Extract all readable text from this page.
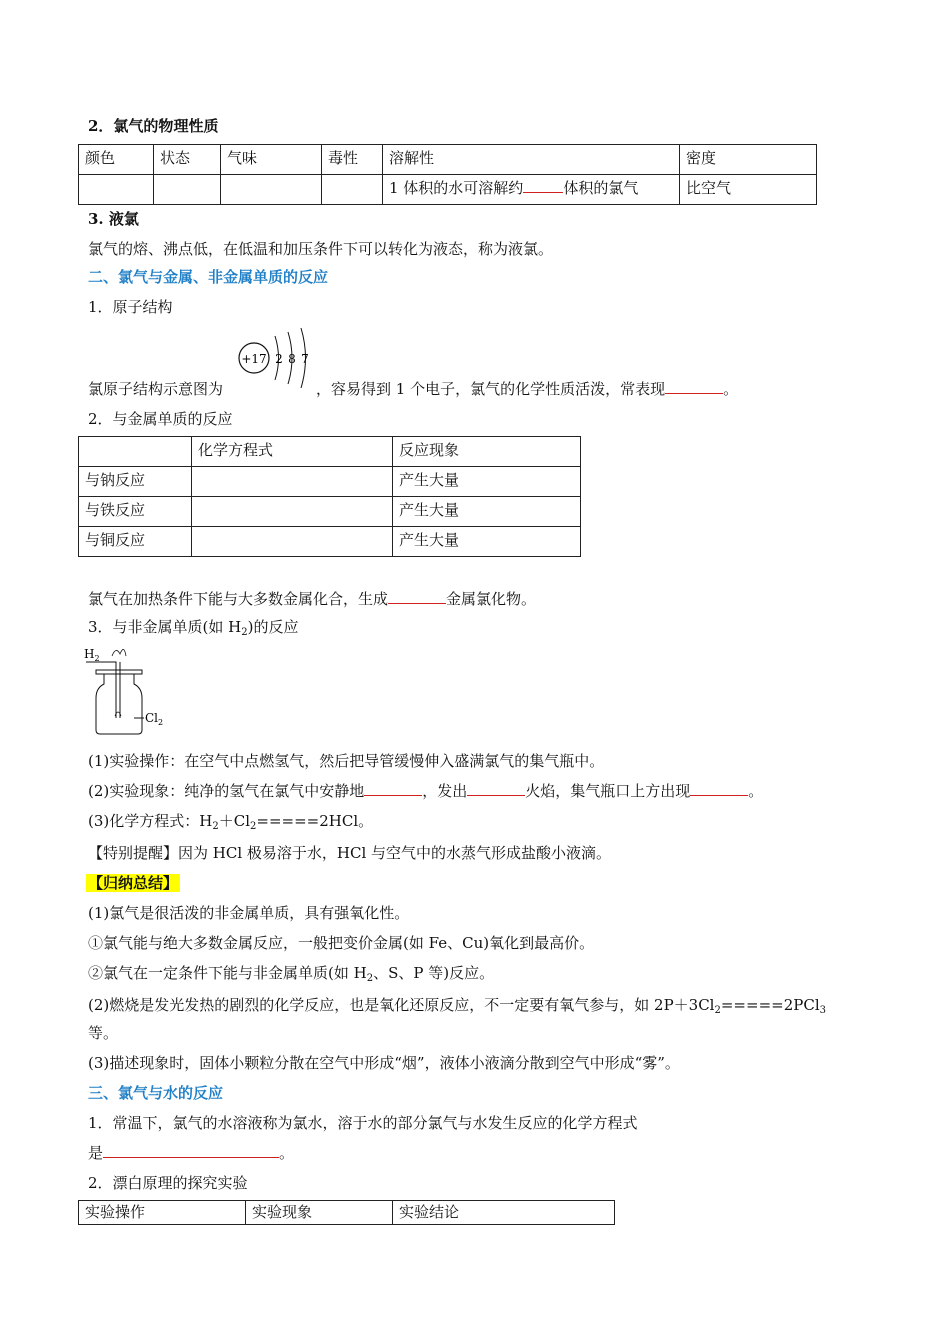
2．氯气的物理性质
颜色	状态	气味	毒性	溶解性	密度
				1 体积的水可溶解约 体积的氯气	比空气
3. 液氯
氯气的熔、沸点低，在低温和加压条件下可以转化为液态，称为液氯。
二、氯气与金属、非金属单质的反应
1．原子结构
+17 2 8 7
氯原子结构示意图为	，容易得到 1 个电子，氯气的化学性质活泼，常表现	。
2．与金属单质的反应
	化学方程式	反应现象
与钠反应		产生大量
与铁反应		产生大量
与铜反应		产生大量
氯气在加热条件下能与大多数金属化合，生成	金属氯化物。
3．与非金属单质(如 $H_2$)的反应
$H_2$
$Cl_2$
(1)实验操作：在空气中点燃氢气，然后把导管缓慢伸入盛满氯气的集气瓶中。
(2)实验现象：纯净的氢气在氯气中安静地	，发出	火焰，集气瓶口上方出现	。
(3)化学方程式：$H_2+Cl_2=====2HCl$。
【特别提醒】因为 HCl 极易溶于水，HCl 与空气中的水蒸气形成盐酸小液滴。
【归纳总结】
(1)氯气是很活泼的非金属单质，具有强氧化性。
①氯气能与绝大多数金属反应，一般把变价金属(如 Fe、Cu)氧化到最高价。
②氯气在一定条件下能与非金属单质(如 $H_2$、S、P 等)反应。
(2)燃烧是发光发热的剧烈的化学反应，也是氧化还原反应，不一定要有氧气参与，如 $2P+3Cl_2=====2PCl_3$
等。
(3)描述现象时，固体小颗粒分散在空气中形成“烟”，液体小液滴分散到空气中形成“雾”。
三、氯气与水的反应
1．常温下，氯气的水溶液称为氯水，溶于水的部分氯气与水发生反应的化学方程式
是	。
2．漂白原理的探究实验
实验操作	实验现象	实验结论
